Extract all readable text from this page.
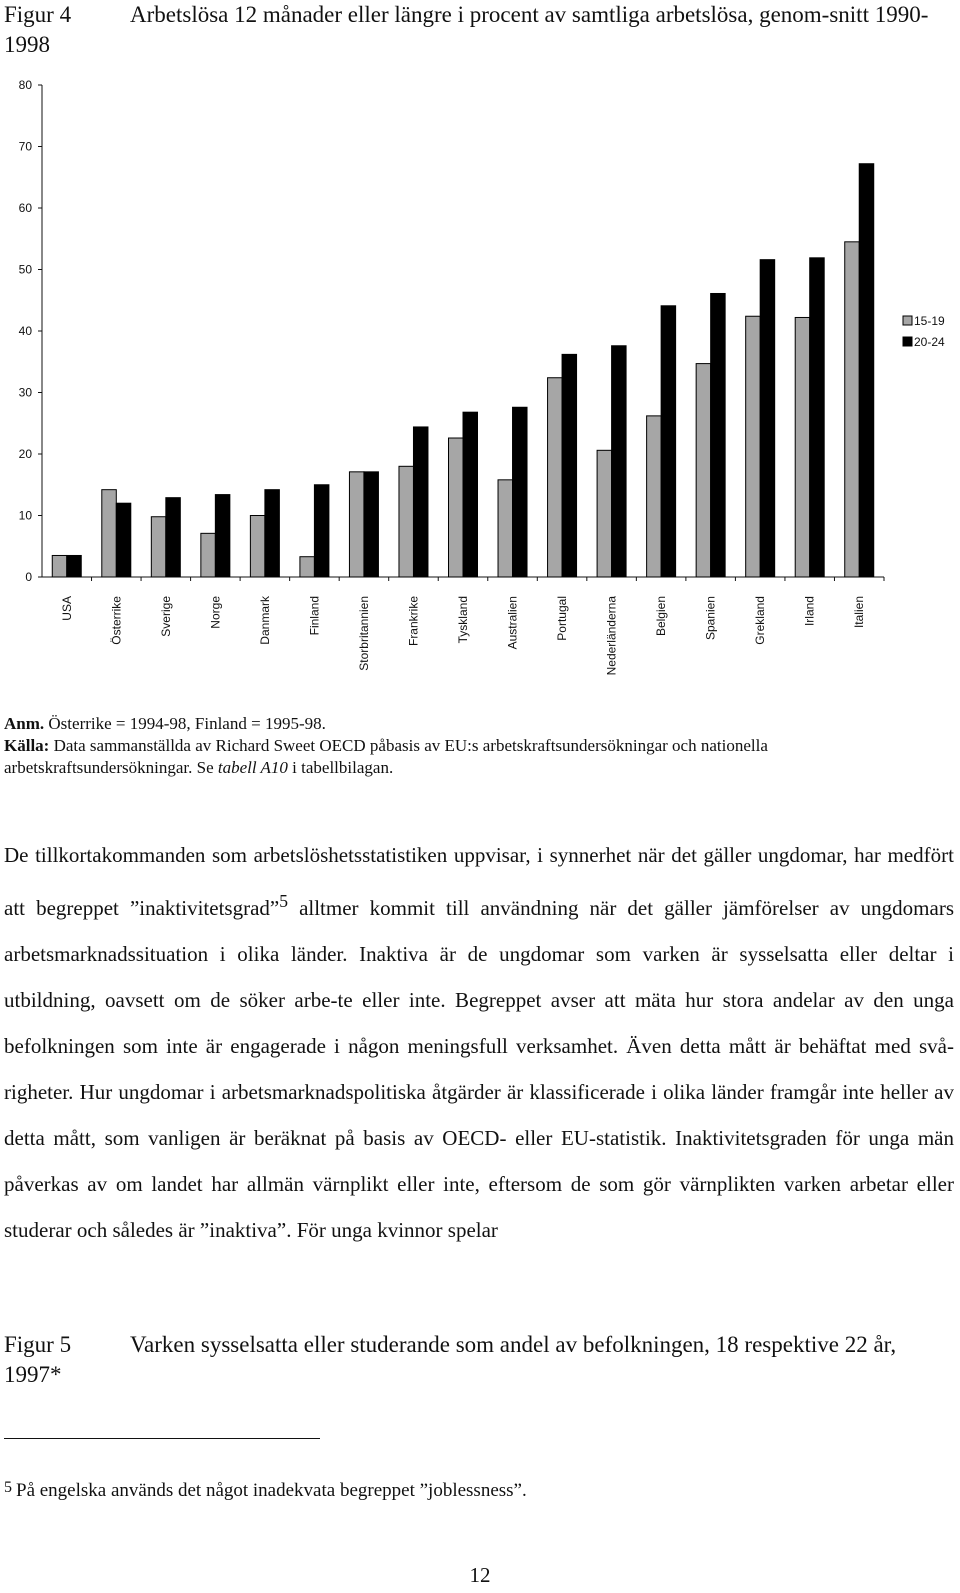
Figur 4	Arbetslösa 12 månader eller längre i procent av samtliga arbetslösa, genom-snitt 1990-1998
0
10
20
30
40
50
60
70
80
USA	Österrike	Sverige	Norge	Danmark	Finland	Storbritannien	Frankrike	Tyskland	Australien	Portugal	Nederländerna	Belgien	Spanien	Grekland	Irland	Italien
15-19
20-24
Anm. Österrike = 1994-98, Finland = 1995-98.
Källa: Data sammanställda av Richard Sweet OECD påbasis av EU:s arbetskraftsundersökningar och nationella arbetskraftsundersökningar. Se tabell A10 i tabellbilagan.

De tillkortakommanden som arbetslöshetsstatistiken uppvisar, i synnerhet när det gäller ungdomar, har medfört att begreppet ”inaktivitetsgrad”$^5$ alltmer kommit till användning när det gäller jämförelser av ungdomars arbetsmarknadssituation i olika länder. Inaktiva är de ungdomar som varken är sysselsatta eller deltar i utbildning, oavsett om de söker arbe-te eller inte. Begreppet avser att mäta hur stora andelar av den unga befolkningen som inte är engagerade i någon meningsfull verksamhet. Även detta mått är behäftat med svå-righeter. Hur ungdomar i arbetsmarknadspolitiska åtgärder är klassificerade i olika länder framgår inte heller av detta mått, som vanligen är beräknat på basis av OECD- eller EU-statistik. Inaktivitetsgraden för unga män påverkas av om landet har allmän värnplikt eller inte, eftersom de som gör värnplikten varken arbetar eller studerar och således är ”inaktiva”. För unga kvinnor spelar

Figur 5	Varken sysselsatta eller studerande som andel av befolkningen, 18 respektive 22 år, 1997*
$^5$ På engelska används det något inadekvata begreppet ”joblessness”.
12
